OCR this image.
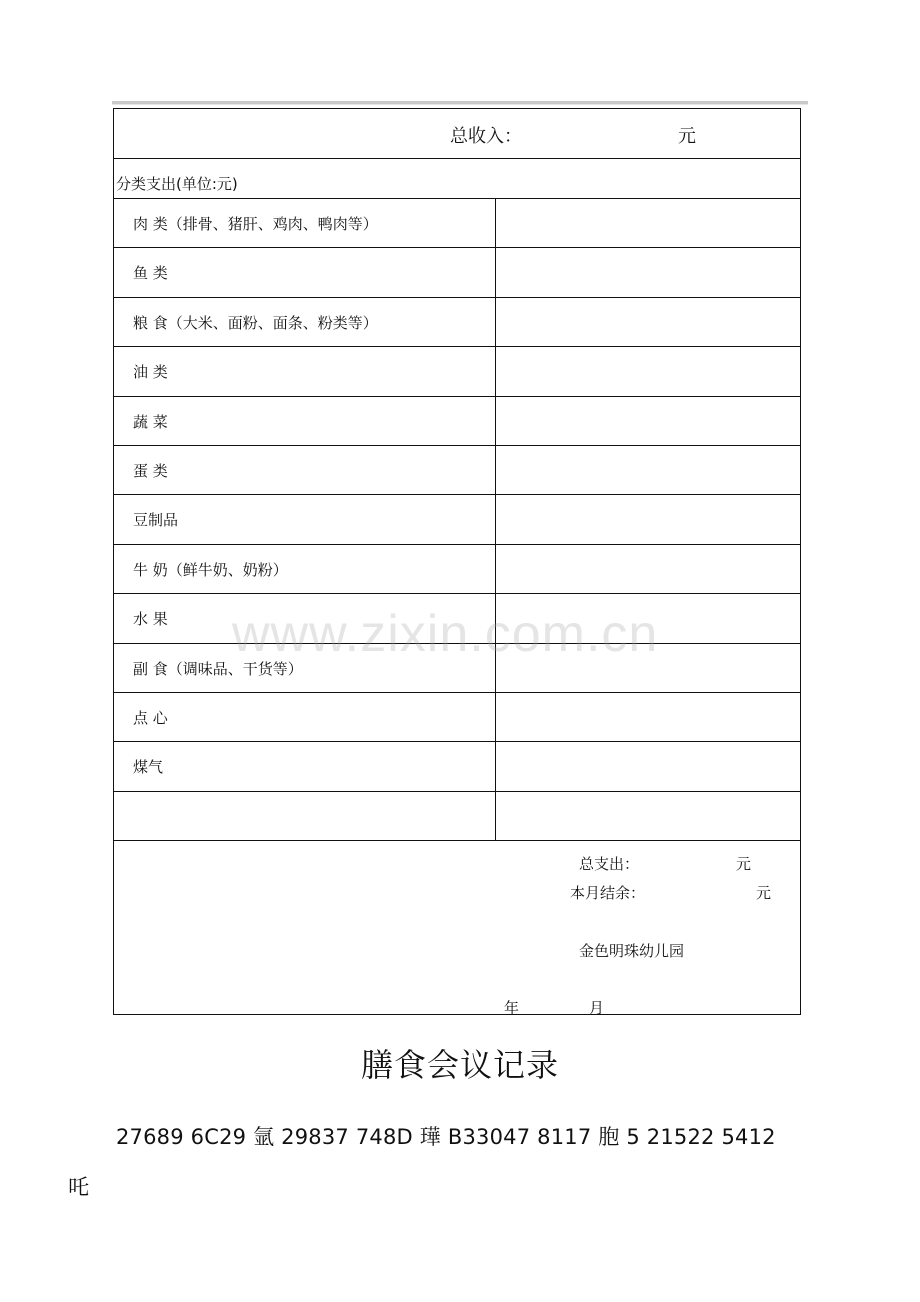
总收入：	元
分类支出(单位:元)
肉 类（排骨、猪肝、鸡肉、鸭肉等）
鱼 类
粮 食（大米、面粉、面条、粉类等）
油 类
蔬 菜
蛋 类
豆制品
牛 奶（鲜牛奶、奶粉）
水 果
副 食（调味品、干货等）
点 心
煤气
总支出：	元
本月结余：	元
金色明珠幼儿园
年	月
www.zixin.com.cn
膳食会议记录
27689 6C29 氩 29837 748D 璍 B33047 8117 胞 5 21522 5412
吒
